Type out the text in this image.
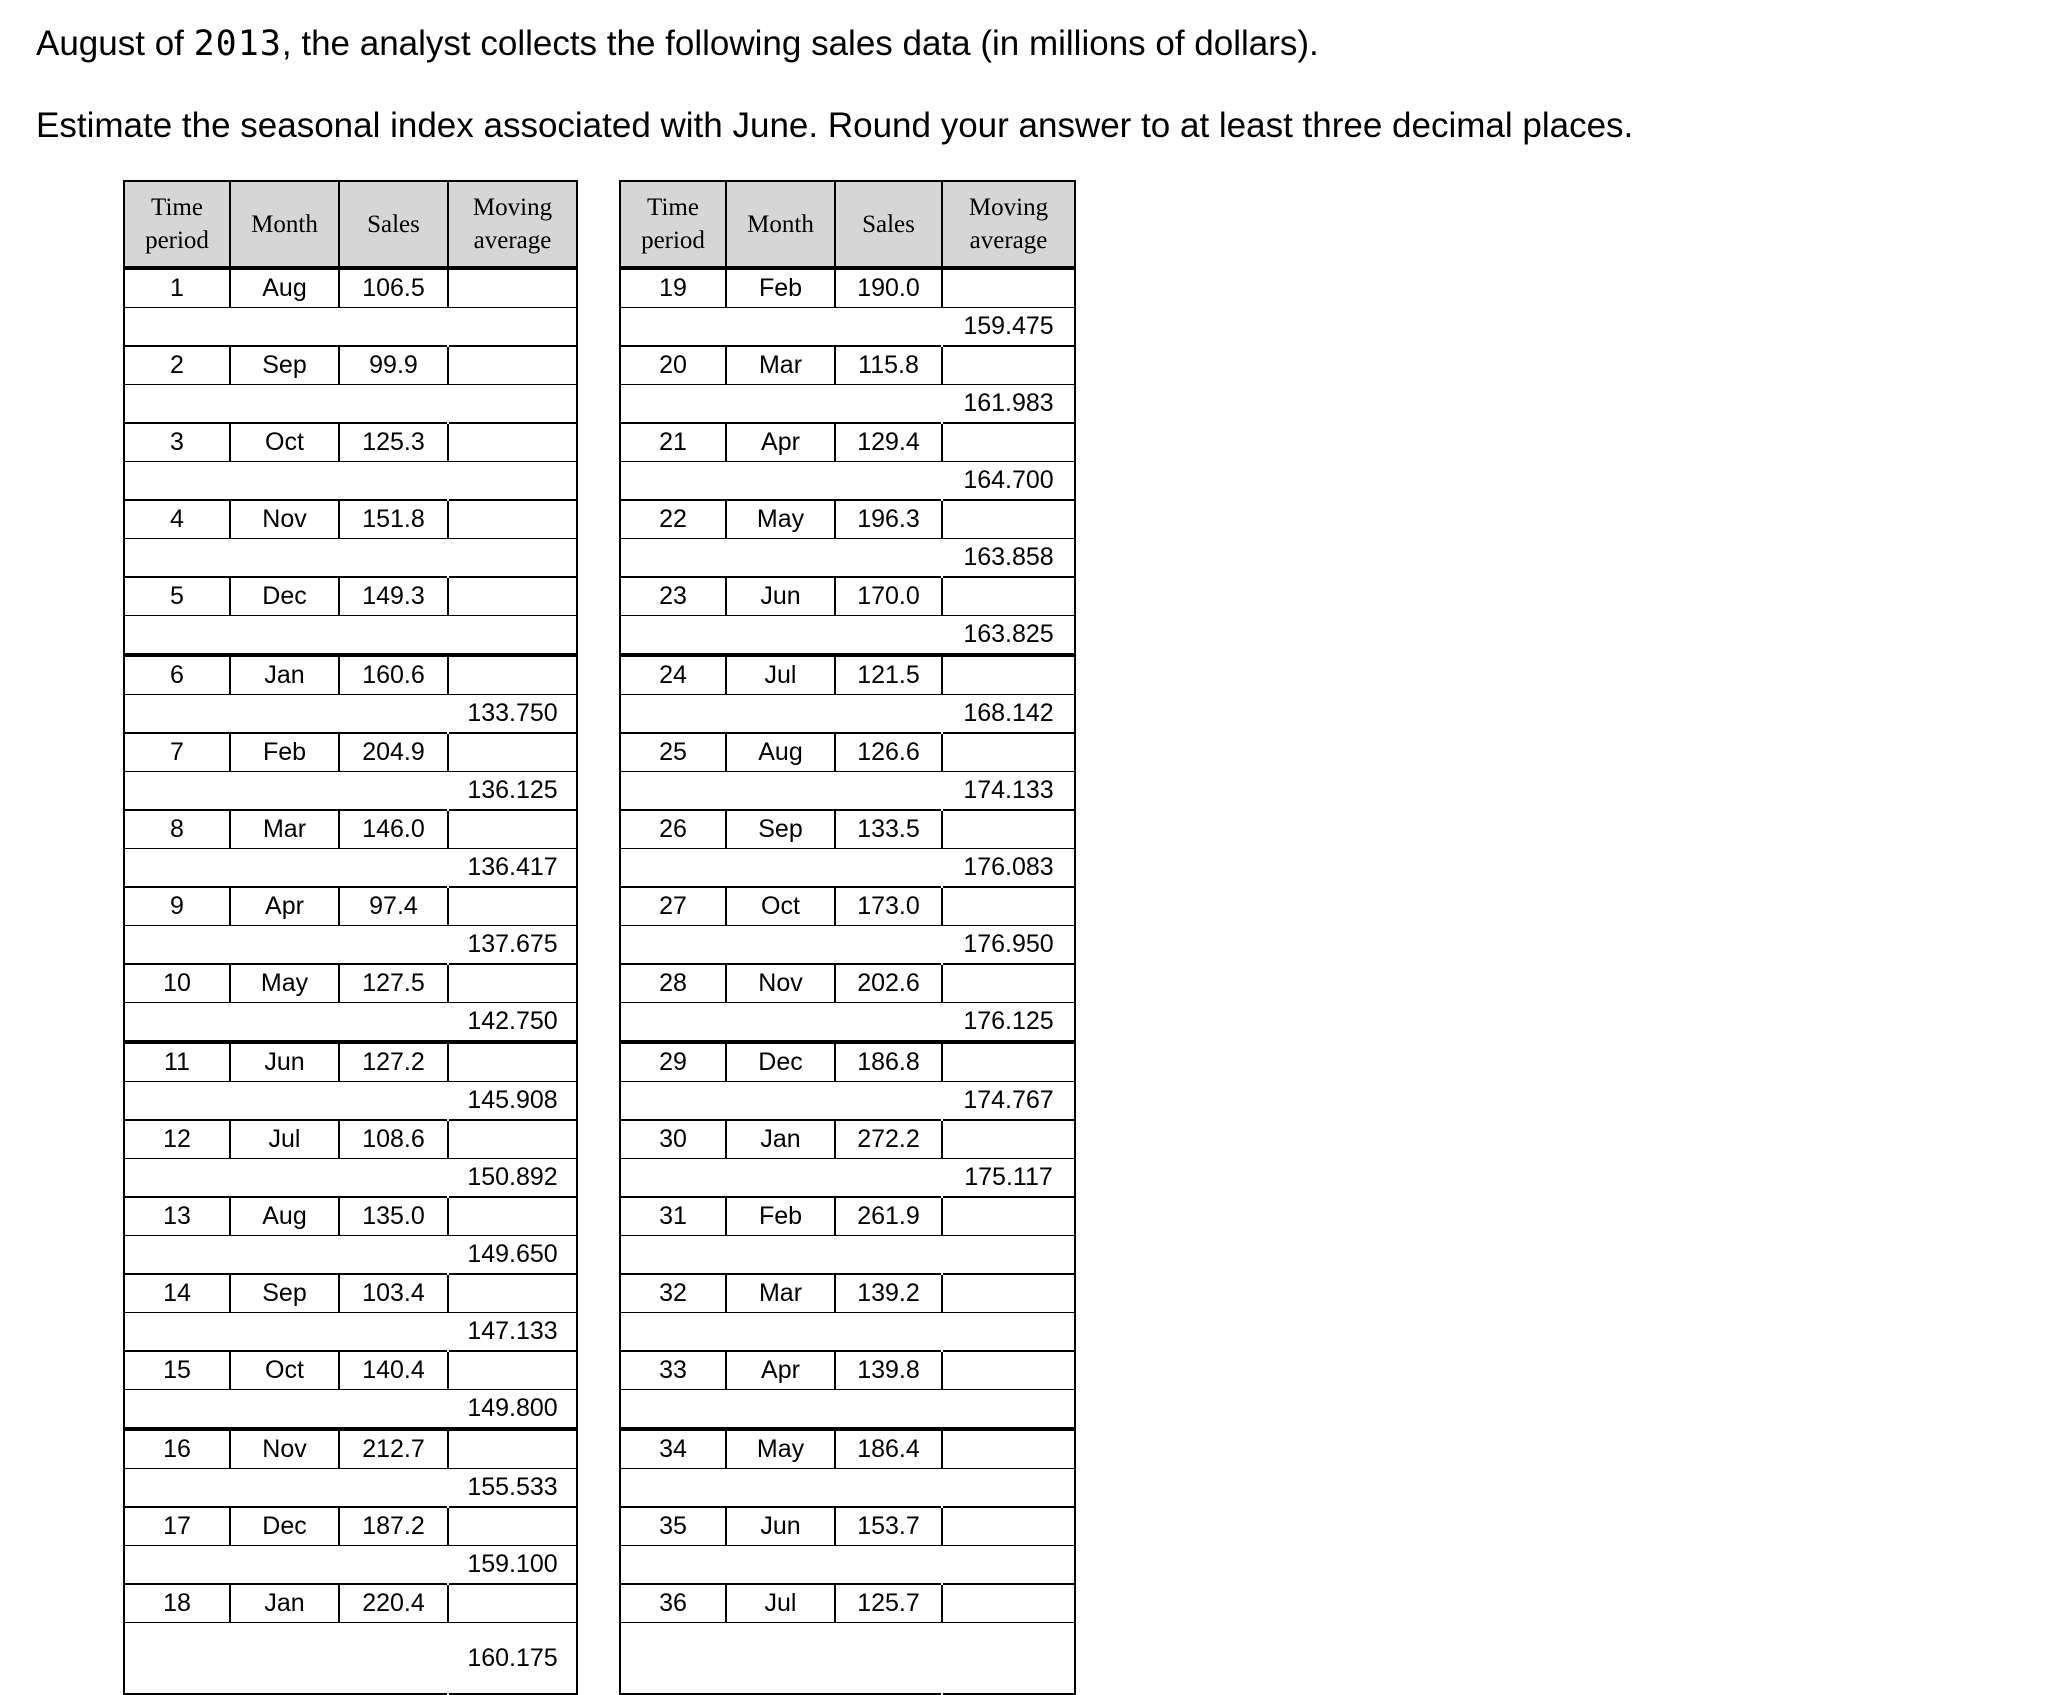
August of 2013, the analyst collects the following sales data (in millions of dollars).

Estimate the seasonal index associated with June. Round your answer to at least three decimal places.

Time
period	Month	Sales	Moving
average
1	Aug	106.5	

2	Sep	99.9	

3	Oct	125.3	

4	Nov	151.8	

5	Dec	149.3	

6	Jan	160.6	
			133.750
7	Feb	204.9	
			136.125
8	Mar	146.0	
			136.417
9	Apr	97.4	
			137.675
10	May	127.5	
			142.750
11	Jun	127.2	
			145.908
12	Jul	108.6	
			150.892
13	Aug	135.0	
			149.650
14	Sep	103.4	
			147.133
15	Oct	140.4	
			149.800
16	Nov	212.7	
			155.533
17	Dec	187.2	
			159.100
18	Jan	220.4	
			160.175
Time
period	Month	Sales	Moving
average
19	Feb	190.0	
			159.475
20	Mar	115.8	
			161.983
21	Apr	129.4	
			164.700
22	May	196.3	
			163.858
23	Jun	170.0	
			163.825
24	Jul	121.5	
			168.142
25	Aug	126.6	
			174.133
26	Sep	133.5	
			176.083
27	Oct	173.0	
			176.950
28	Nov	202.6	
			176.125
29	Dec	186.8	
			174.767
30	Jan	272.2	
			175.117
31	Feb	261.9	

32	Mar	139.2	

33	Apr	139.8	

34	May	186.4	

35	Jun	153.7	

36	Jul	125.7	
